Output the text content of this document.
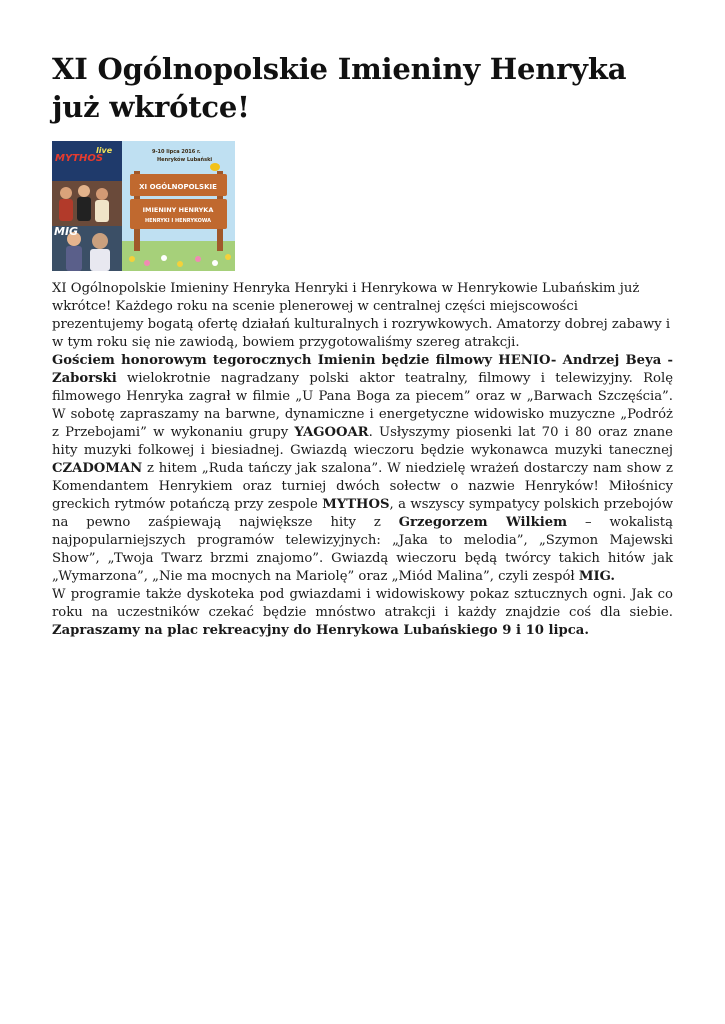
XI Ogólnopolskie Imieniny Henryka już wkrótce!
MYTHOS
live
MIG
9-10 lipca 2016 r.
Henryków Lubański
XI OGÓLNOPOLSKIE
IMIENINY HENRYKA
HENRYKI I HENRYKOWA

XI Ogólnopolskie Imieniny Henryka Henryki i Henrykowa w Henrykowie Lubańskim już wkrótce! Każdego roku na scenie plenerowej w centralnej części miejscowości prezentujemy bogatą ofertę działań kulturalnych i rozrywkowych. Amatorzy dobrej zabawy i w tym roku się nie zawiodą, bowiem przygotowaliśmy szereg atrakcji.

Gościem honorowym tegorocznych Imienin będzie filmowy HENIO- Andrzej Beya - Zaborski wielokrotnie nagradzany polski aktor teatralny, filmowy i telewizyjny. Rolę filmowego Henryka zagrał w filmie „U Pana Boga za piecem” oraz w „Barwach Szczęścia”. W sobotę zapraszamy na barwne, dynamiczne i energetyczne widowisko muzyczne „Podróż z Przebojami” w wykonaniu grupy YAGOOAR. Usłyszymy piosenki lat 70 i 80 oraz znane hity muzyki folkowej i biesiadnej. Gwiazdą wieczoru będzie wykonawca muzyki tanecznej CZADOMAN z hitem „Ruda tańczy jak szalona”. W niedzielę wrażeń dostarczy nam show z Komendantem Henrykiem oraz turniej dwóch sołectw o nazwie Henryków! Miłośnicy greckich rytmów potańczą przy zespole MYTHOS, a wszyscy sympatycy polskich przebojów na pewno zaśpiewają największe hity z Grzegorzem Wilkiem – wokalistą najpopularniejszych programów telewizyjnych: „Jaka to melodia”, „Szymon Majewski Show”, „Twoja Twarz brzmi znajomo”. Gwiazdą wieczoru będą twórcy takich hitów jak „Wymarzona”, „Nie ma mocnych na Mariolę” oraz „Miód Malina”, czyli zespół MIG.

W programie także dyskoteka pod gwiazdami i widowiskowy pokaz sztucznych ogni. Jak co roku na uczestników czekać będzie mnóstwo atrakcji i każdy znajdzie coś dla siebie. Zapraszamy na plac rekreacyjny do Henrykowa Lubańskiego 9 i 10 lipca.
